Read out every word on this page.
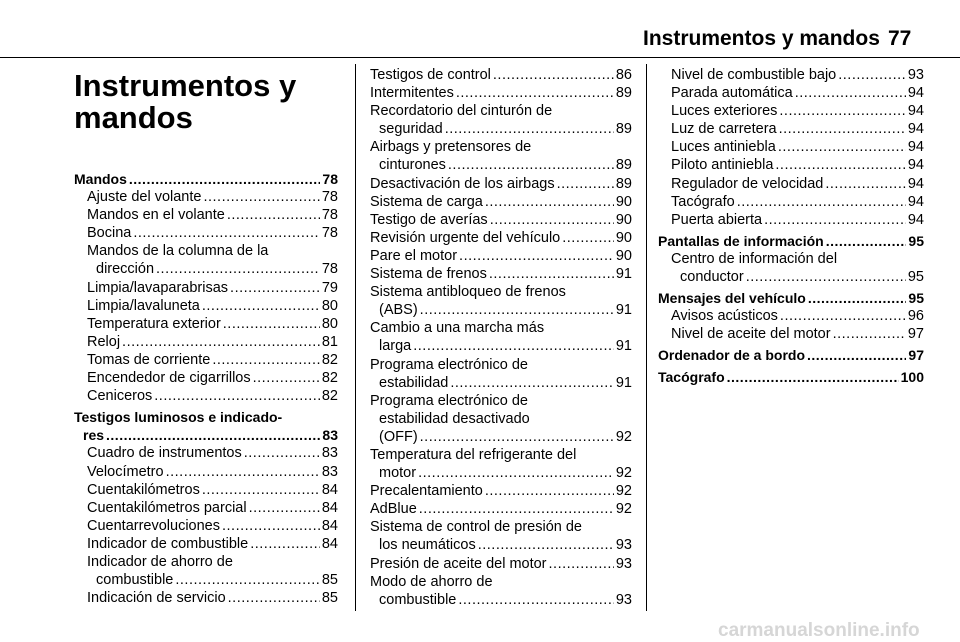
Instrumentos y mandos 77
Instrumentos y
mandos
Mandos .....	78
Ajuste del volante .....	78
Mandos en el volante .....	78
Bocina .....	78
Mandos de la columna de la
dirección .....	78
Limpia/lavaparabrisas .....	79
Limpia/lavaluneta .....	80
Temperatura exterior .....	80
Reloj .....	81
Tomas de corriente .....	82
Encendedor de cigarrillos .....	82
Ceniceros .....	82
Testigos luminosos e indicado-
res .....	83
Cuadro de instrumentos .....	83
Velocímetro .....	83
Cuentakilómetros .....	84
Cuentakilómetros parcial .....	84
Cuentarrevoluciones .....	84
Indicador de combustible .....	84
Indicador de ahorro de
combustible .....	85
Indicación de servicio .....	85
Testigos de control .....	86
Intermitentes .....	89
Recordatorio del cinturón de
seguridad .....	89
Airbags y pretensores de
cinturones .....	89
Desactivación de los airbags .....	89
Sistema de carga .....	90
Testigo de averías .....	90
Revisión urgente del vehículo .....	90
Pare el motor .....	90
Sistema de frenos .....	91
Sistema antibloqueo de frenos
(ABS) .....	91
Cambio a una marcha más
larga .....	91
Programa electrónico de
estabilidad .....	91
Programa electrónico de
estabilidad desactivado
(OFF) .....	92
Temperatura del refrigerante del
motor .....	92
Precalentamiento .....	92
AdBlue .....	92
Sistema de control de presión de
los neumáticos .....	93
Presión de aceite del motor .....	93
Modo de ahorro de
combustible .....	93
Nivel de combustible bajo .....	93
Parada automática .....	94
Luces exteriores .....	94
Luz de carretera .....	94
Luces antiniebla .....	94
Piloto antiniebla .....	94
Regulador de velocidad .....	94
Tacógrafo .....	94
Puerta abierta .....	94
Pantallas de información .....	95
Centro de información del
conductor .....	95
Mensajes del vehículo .....	95
Avisos acústicos .....	96
Nivel de aceite del motor .....	97
Ordenador de a bordo .....	97
Tacógrafo .....	100
carmanualsonline.info
